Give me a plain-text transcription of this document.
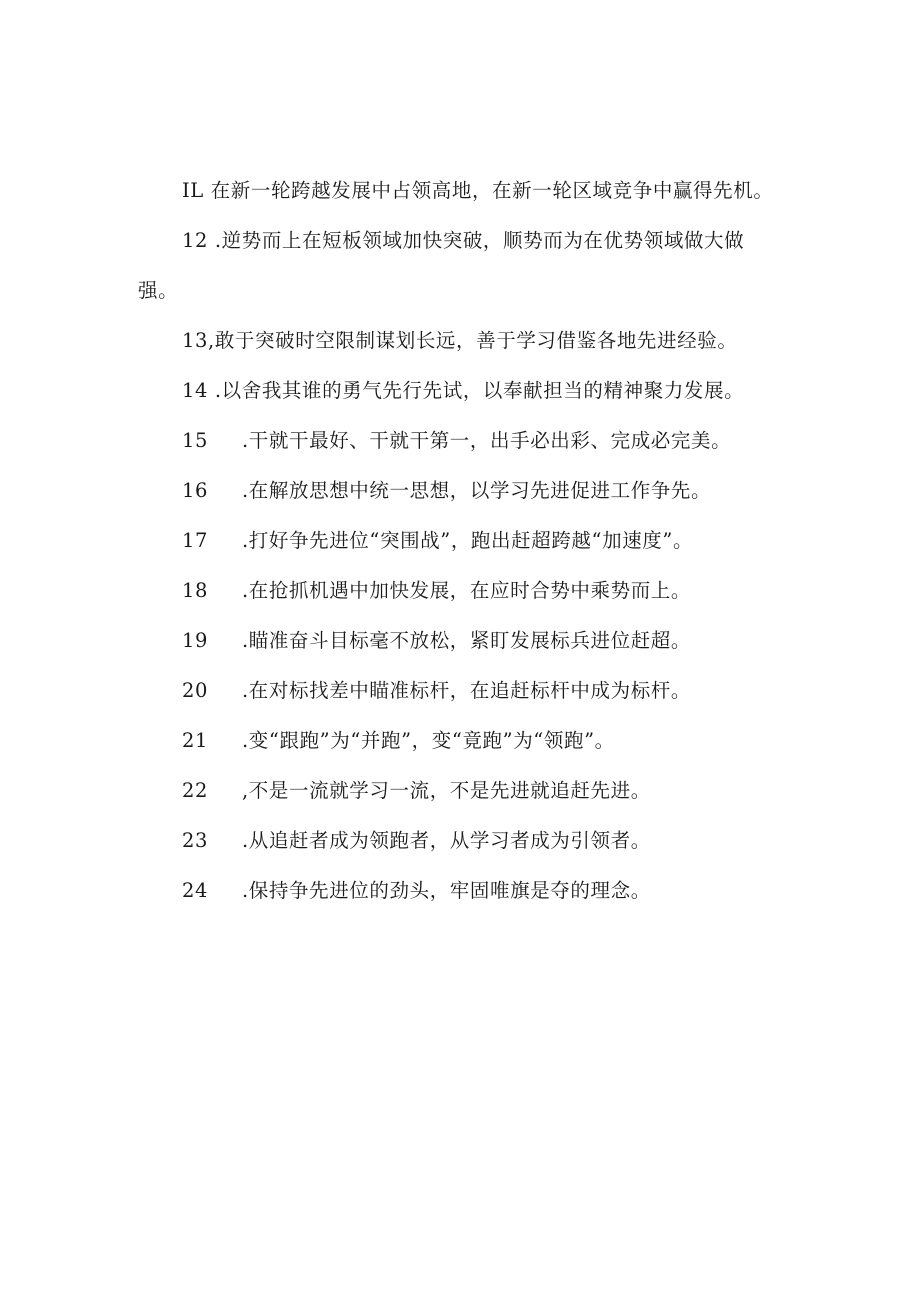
IL 在新一轮跨越发展中占领高地，在新一轮区域竞争中赢得先机。
12 .逆势而上在短板领域加快突破，顺势而为在优势领域做大做
强。
13,敢于突破时空限制谋划长远，善于学习借鉴各地先进经验。
14 .以舍我其谁的勇气先行先试，以奉献担当的精神聚力发展。
15 .干就干最好、干就干第一，出手必出彩、完成必完美。
16 .在解放思想中统一思想，以学习先进促进工作争先。
17 .打好争先进位“突围战”，跑出赶超跨越“加速度”。
18 .在抢抓机遇中加快发展，在应时合势中乘势而上。
19 .瞄准奋斗目标毫不放松，紧盯发展标兵进位赶超。
20 .在对标找差中瞄准标杆，在追赶标杆中成为标杆。
21 .变“跟跑”为“并跑”，变“竟跑”为“领跑”。
22 ,不是一流就学习一流，不是先进就追赶先进。
23 .从追赶者成为领跑者，从学习者成为引领者。
24 .保持争先进位的劲头，牢固唯旗是夺的理念。
